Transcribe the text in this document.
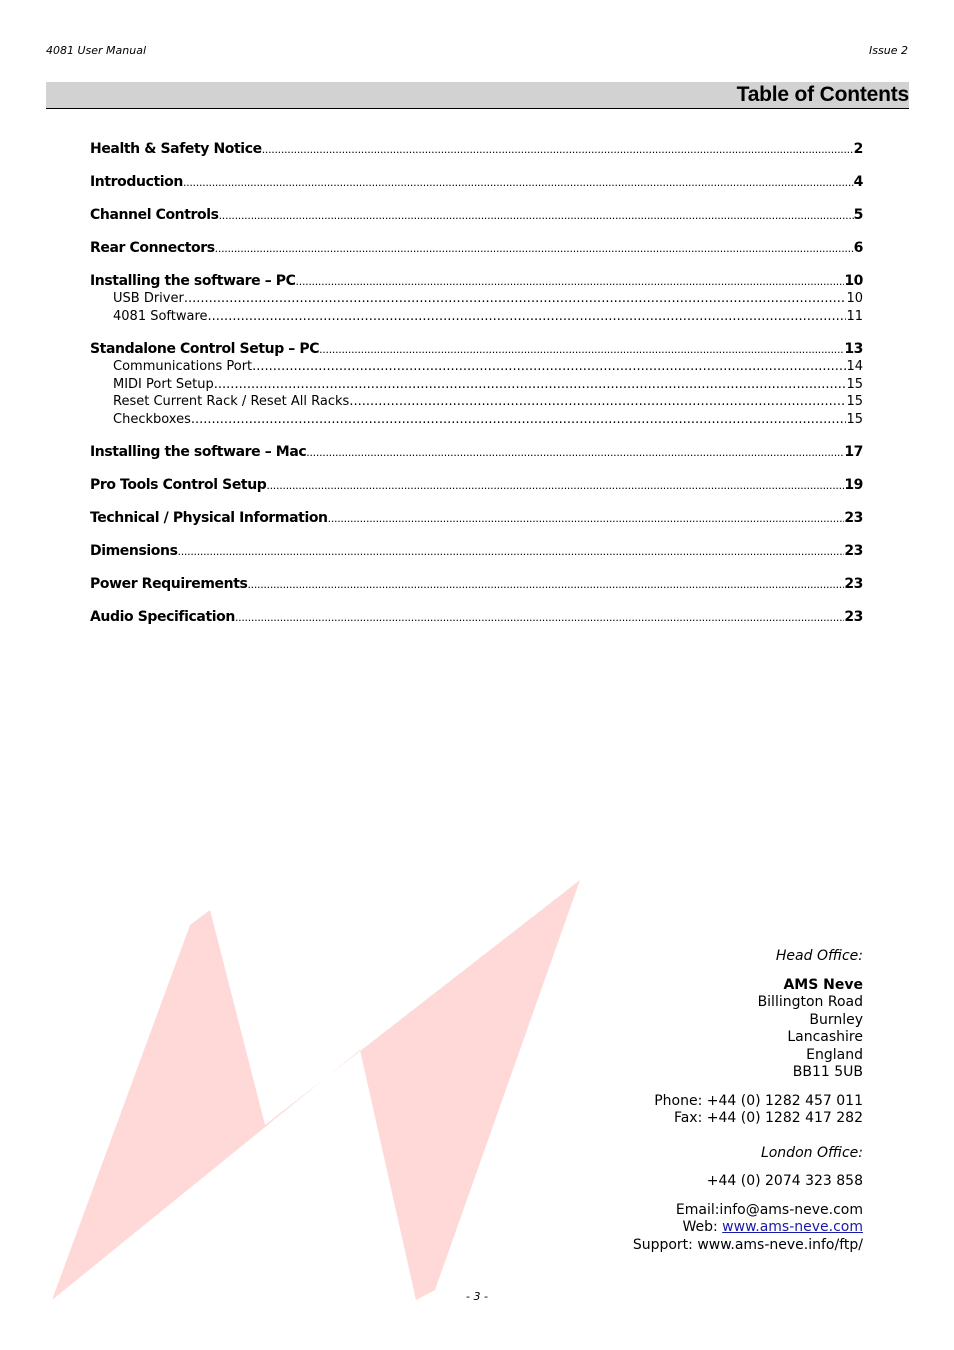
4081 User Manual	Issue 2
Table of Contents
Health & Safety Notice .....	2
Introduction .....	4
Channel Controls .....	5
Rear Connectors .....	6
Installing the software – PC .....	10
USB Driver .....	10
4081 Software .....	11
Standalone Control Setup – PC .....	13
Communications Port .....	14
MIDI Port Setup .....	15
Reset Current Rack / Reset All Racks .....	15
Checkboxes .....	15
Installing the software – Mac .....	17
Pro Tools Control Setup .....	19
Technical / Physical Information .....	23
Dimensions .....	23
Power Requirements .....	23
Audio Specification .....	23
Head Office:
AMS Neve
Billington Road
Burnley
Lancashire
England
BB11 5UB
Phone: +44 (0) 1282 457 011
Fax: +44 (0) 1282 417 282
London Office:
+44 (0) 2074 323 858
Email:info@ams-neve.com
Web: www.ams-neve.com
Support: www.ams-neve.info/ftp/
- 3 -
